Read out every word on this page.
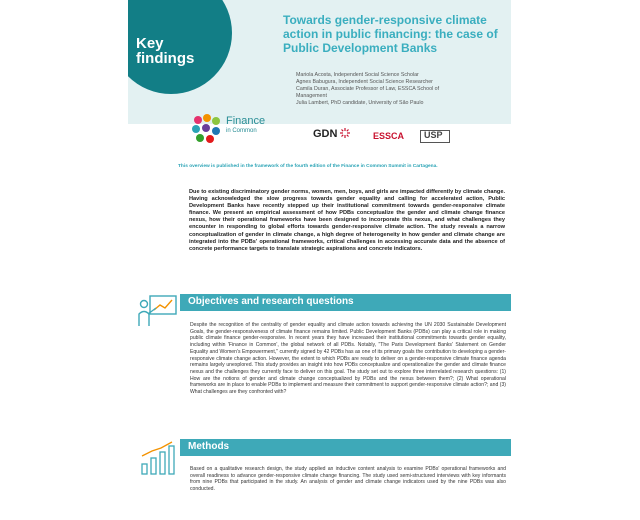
Key
findings
Towards gender-responsive climate action in public financing: the case of Public Development Banks
Mariola Acosta, Independent Social Science Scholar
Agnes Babugura, Independent Social Science Researcher
Camila Duran, Associate Professor of Law, ESSCA School of
Management
Julia Lambert, PhD candidate, University of São Paulo
Finance
in Common	GDN	ESSCA USP
This overview is published in the framework of the fourth edition of the Finance in Common Summit in Cartagena.
Due to existing discriminatory gender norms, women, men, boys, and girls are impacted differently by climate change. Having acknowledged the slow progress towards gender equality and calling for accelerated action, Public Development Banks have recently stepped up their institutional commitment towards gender-responsive climate finance. We present an empirical assessment of how PDBs conceptualize the gender and climate change finance nexus, how their operational frameworks have been designed to incorporate this nexus, and what challenges they encounter in responding to global efforts towards gender-responsive climate action. The study reveals a narrow conceptualization of gender in climate change, a high degree of heterogeneity in how gender and climate change are integrated into the PDBs' operational frameworks, critical challenges in accessing accurate data and the absence of concrete performance targets to translate strategic aspirations and concrete indicators.
Objectives and research questions
Despite the recognition of the centrality of gender equality and climate action towards achieving the UN 2030 Sustainable Development Goals, the gender-responsiveness of climate finance remains limited. Public Development Banks (PDBs) can play a critical role in making public climate finance gender-responsive. In recent years they have increased their institutional commitments towards gender equality, including within 'Finance in Common', the global network of all PDBs. Notably, "The Paris Development Banks' Statement on Gender Equality and Women's Empowerment," currently signed by 42 PDBs has as one of its primary goals the contribution to developing a gender-responsive climate change action. However, the extent to which PDBs are ready to deliver on a gender-responsive climate finance agenda remains largely unexplored. This study provides an insight into how PDBs conceptualize and operationalize the gender and climate finance nexus and the challenges they currently face to deliver on this goal. The study set out to explore three interrelated research questions: (1) How are the notions of gender and climate change conceptualized by PDBs and the nexus between them?; (2) What operational frameworks are in place to enable PDBs to implement and measure their commitment to support gender-responsive climate action?; and (3) What challenges are they confronted with?
Methods
Based on a qualitative research design, the study applied an inductive content analysis to examine PDBs' operational frameworks and overall readiness to advance gender-responsive climate change financing. The study used semi-structured interviews with key informants from nine PDBs that participated in the study. An analysis of gender and climate change indicators used by the nine PDBs was also conducted.
